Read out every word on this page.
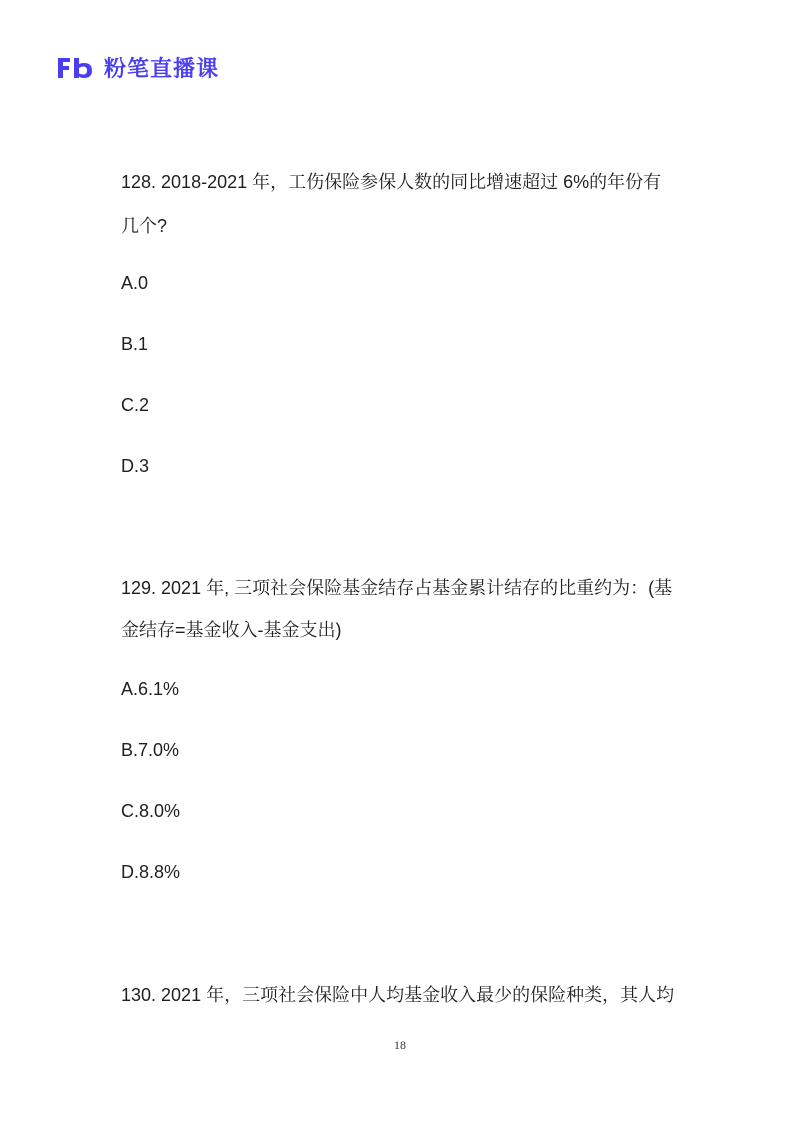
粉笔直播课
128. 2018-2021 年，工伤保险参保人数的同比增速超过 6%的年份有
几个?
A.0
B.1
C.2
D.3
129. 2021 年, 三项社会保险基金结存占基金累计结存的比重约为：(基
金结存=基金收入-基金支出)
A.6.1%
B.7.0%
C.8.0%
D.8.8%
130. 2021 年，三项社会保险中人均基金收入最少的保险种类，其人均
18
